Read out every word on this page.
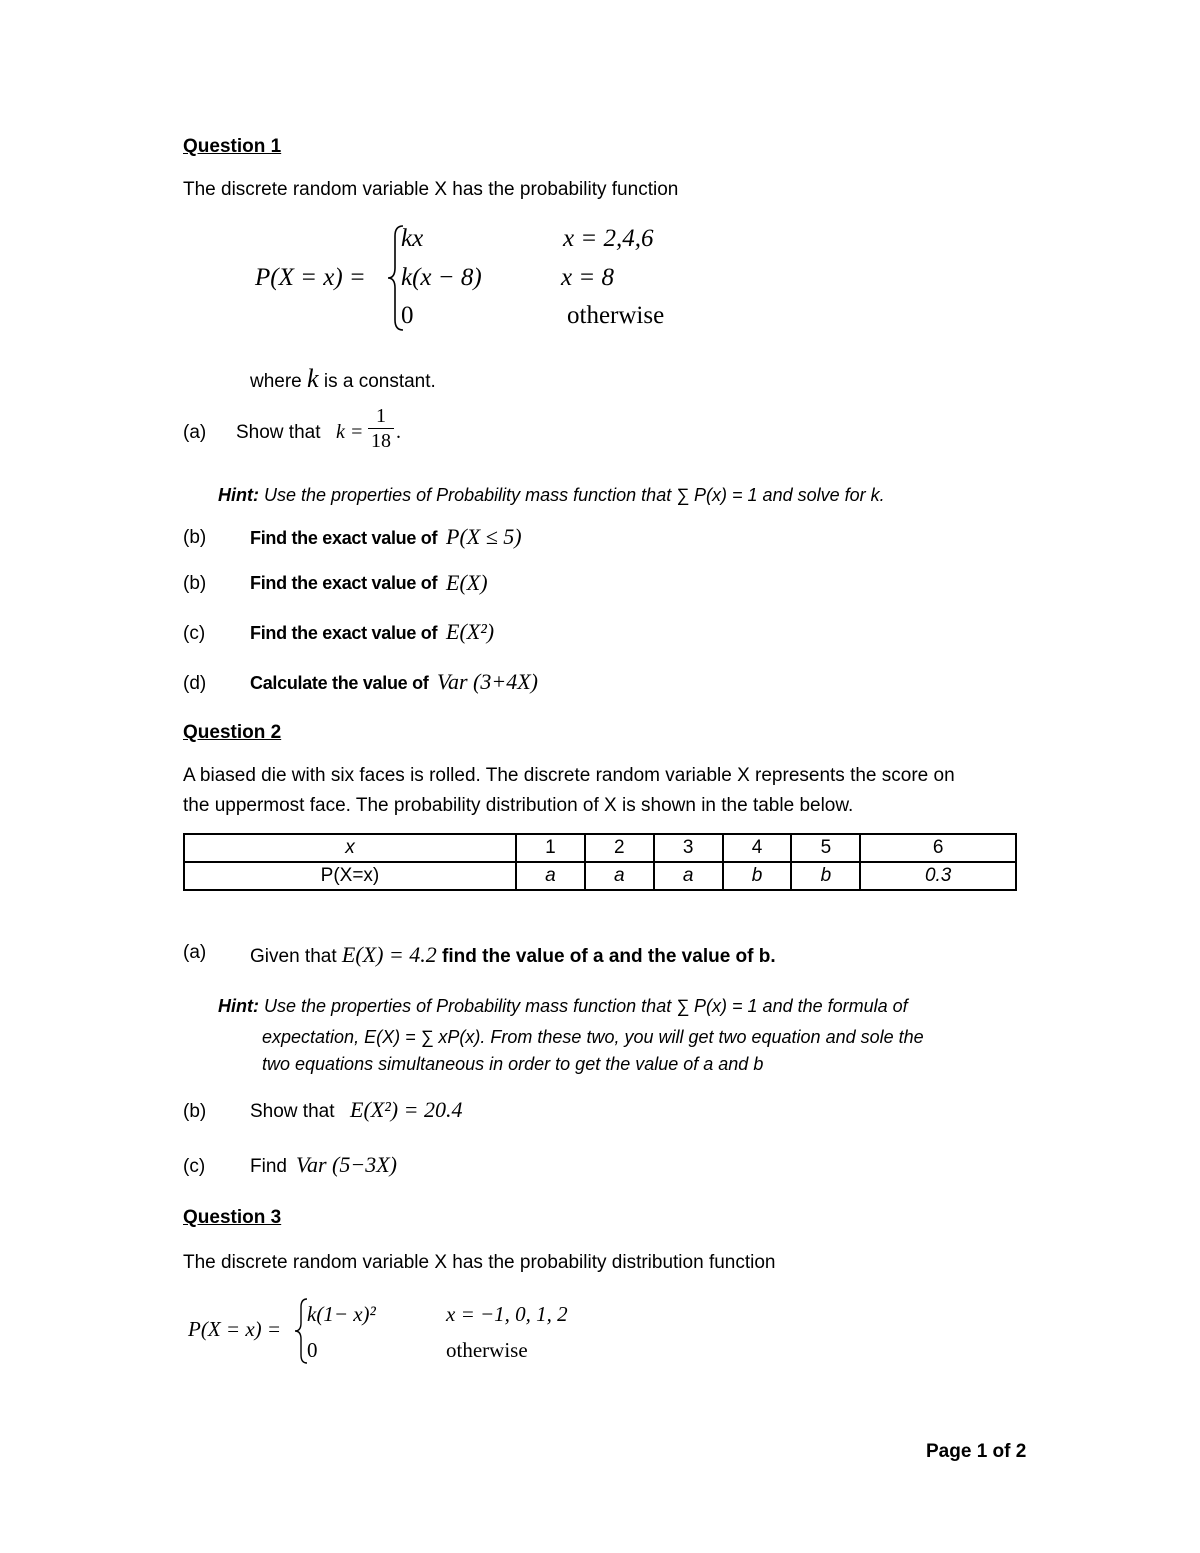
Question 1
The discrete random variable X has the probability function
P(X = x) =
kx	x = 2,4,6
k(x − 8)	x = 8
0	otherwise
where k is a constant.
(a) Show that k =
1
18 .
Hint: Use the properties of Probability mass function that ∑ P(x) = 1 and solve for k.
(b) Find the exact value of P(X ≤ 5)
(b) Find the exact value of E(X)
(c) Find the exact value of E(X²)
(d) Calculate the value of Var (3+4X)
Question 2
A biased die with six faces is rolled. The discrete random variable X represents the score on
the uppermost face. The probability distribution of X is shown in the table below.
x	1	2	3	4	5	6
P(X=x)	a	a	a	b	b	0.3
(a) Given that E(X) = 4.2 find the value of a and the value of b.
Hint: Use the properties of Probability mass function that ∑ P(x) = 1 and the formula of
expectation, E(X) = ∑ xP(x). From these two, you will get two equation and sole the
two equations simultaneous in order to get the value of a and b
(b) Show that E(X²) = 20.4
(c) Find Var (5−3X)
Question 3
The discrete random variable X has the probability distribution function
P(X = x) =
k(1− x)²	x = −1, 0, 1, 2
0	otherwise
Page 1 of 2
